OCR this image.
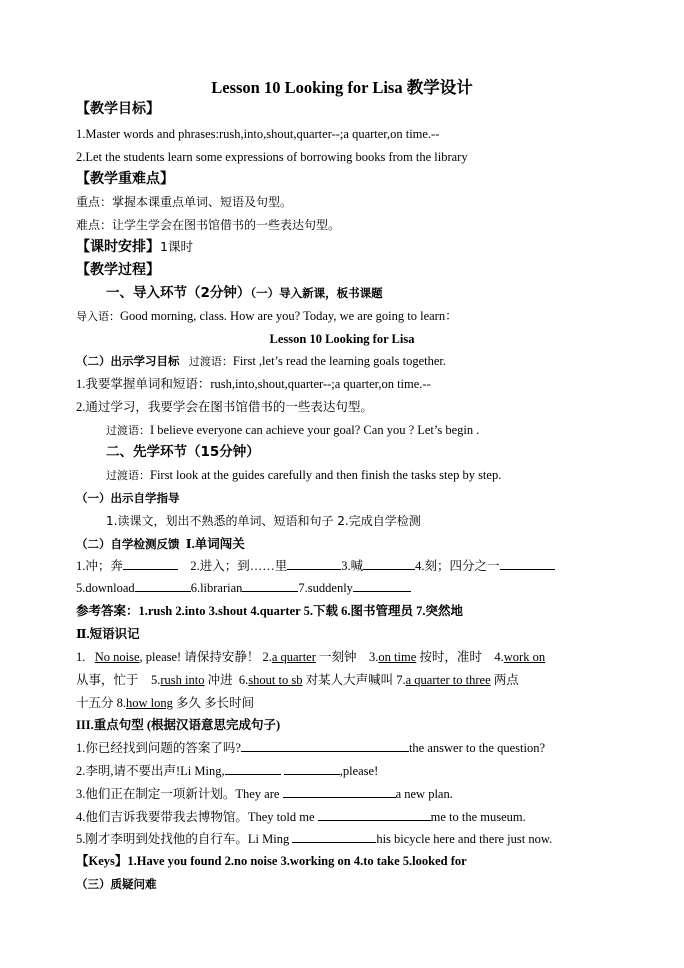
Lesson 10 Looking for Lisa 教学设计
【教学目标】
1.Master words and phrases:rush,into,shout,quarter--;a quarter,on time.--
2.Let the students learn some expressions of borrowing books from the library
【教学重难点】
重点：掌握本课重点单词、短语及句型。
难点：让学生学会在图书馆借书的一些表达句型。
【课时安排】1课时
【教学过程】
一、导入环节（2分钟）（一）导入新课，板书课题
导入语：Good morning, class. How are you? Today, we are going to learn：
Lesson 10 Looking for Lisa
（二）出示学习目标 过渡语：First ,let’s read the learning goals together.
1.我要掌握单词和短语：rush,into,shout,quarter--;a quarter,on time.--
2.通过学习，我要学会在图书馆借书的一些表达句型。
过渡语：I believe everyone can achieve your goal? Can you ? Let’s begin .
二、先学环节（15分钟）
过渡语：First look at the guides carefully and then finish the tasks step by step.
（一）出示自学指导
1.读课文，划出不熟悉的单词、短语和句子 2.完成自学检测
（二）自学检测反馈 Ⅰ.单词闯关
1.冲；奔	2.进入；到……里	3.喊	4.刻；四分之一
5.download	6.librarian	7.suddenly
参考答案：1.rush 2.into 3.shout 4.quarter 5.下载 6.图书管理员 7.突然地
Ⅱ.短语识记
1. No noise, please! 请保持安静！ 2.a quarter 一刻钟 3.on time 按时，准时 4.work on
从事，忙于 5.rush into 冲进 6.shout to sb 对某人大声喊叫 7.a quarter to three 两点
十五分 8.how long 多久 多长时间
III.重点句型 (根据汉语意思完成句子)
1.你已经找到问题的答案了吗?	the answer to the question?
2.李明,请不要出声!Li Ming,	,please!
3.他们正在制定一项新计划。They are	a new plan.
4.他们吉诉我要带我去博物馆。They told me	me to the museum.
5.刚才李明到处找他的自行车。Li Ming	his bicycle here and there just now.
【Keys】1.Have you found 2.no noise 3.working on 4.to take 5.looked for
（三）质疑问难
